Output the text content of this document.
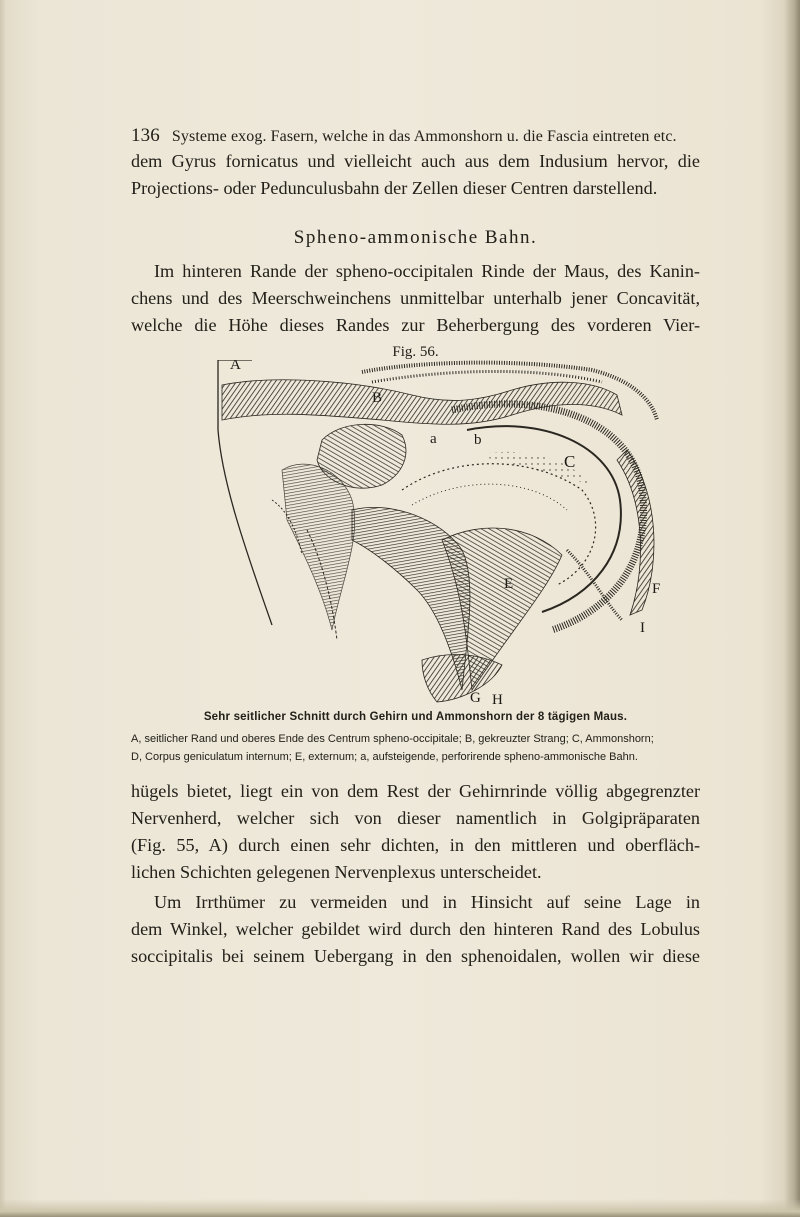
136 Systeme exog. Fasern, welche in das Ammonshorn u. die Fascia eintreten etc.
dem Gyrus fornicatus und vielleicht auch aus dem Indusium hervor, die
Projections- oder Pedunculusbahn der Zellen dieser Centren darstellend.
Spheno-ammonische Bahn.
Im hinteren Rande der spheno-occipitalen Rinde der Maus, des Kanin-
chens und des Meerschweinchens unmittelbar unterhalb jener Concavität,
welche die Höhe dieses Randes zur Beherbergung des vorderen Vier-
Fig. 56.
A
B
a b
C
E	F
I
G H
Sehr seitlicher Schnitt durch Gehirn und Ammonshorn der 8 tägigen Maus.
A, seitlicher Rand und oberes Ende des Centrum spheno-occipitale; B, gekreuzter Strang; C, Ammonshorn;
D, Corpus geniculatum internum; E, externum; a, aufsteigende, perforirende spheno-ammonische Bahn.
hügels bietet, liegt ein von dem Rest der Gehirnrinde völlig abgegrenzter
Nervenherd, welcher sich von dieser namentlich in Golgipräparaten
(Fig. 55, A) durch einen sehr dichten, in den mittleren und oberfläch-
lichen Schichten gelegenen Nervenplexus unterscheidet.
Um Irrthümer zu vermeiden und in Hinsicht auf seine Lage in
dem Winkel, welcher gebildet wird durch den hinteren Rand des Lobulus
soccipitalis bei seinem Uebergang in den sphenoidalen, wollen wir diese
